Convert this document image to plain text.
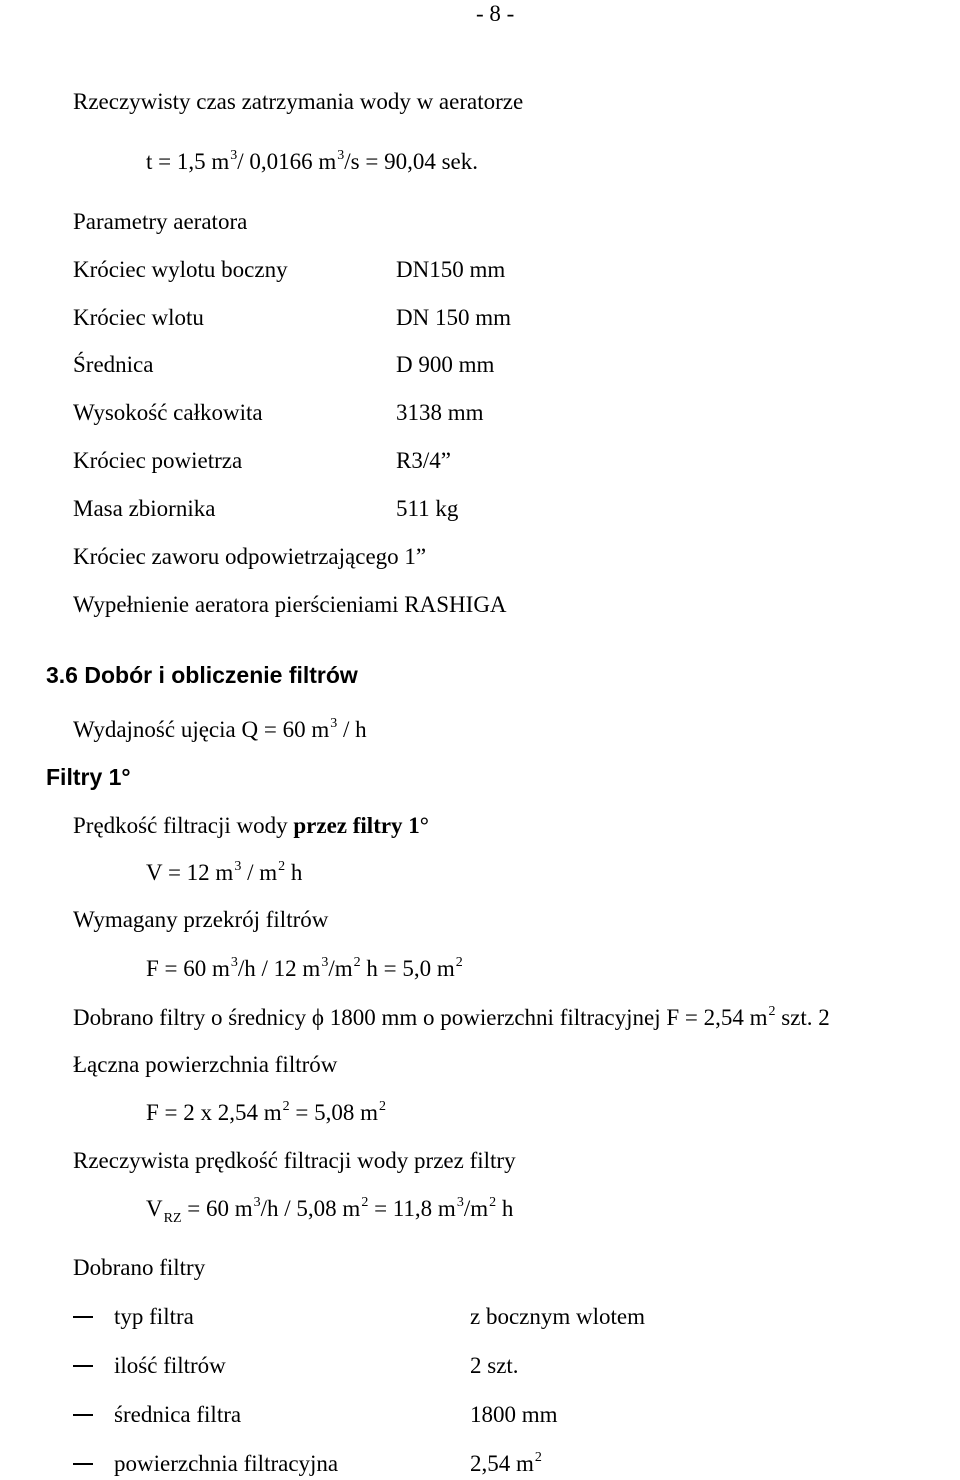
- 8 -
Rzeczywisty czas zatrzymania wody w aeratorze
t = 1,5 $m^3/$ 0,0166 $m^3/s = 90,04$ sek.
Parametry aeratora
Króciec wylotu boczny	DN150 mm
Króciec wlotu	DN 150 mm
Średnica	D 900 mm
Wysokość całkowita	3138 mm
Króciec powietrza	R3/4”
Masa zbiornika	511 kg
Króciec zaworu odpowietrzającego 1”
Wypełnienie aeratora pierścieniami RASHIGA
3.6 Dobór i obliczenie filtrów
Wydajność ujęcia Q = 60 $m^3$ / h
Filtry 1°
Prędkość filtracji wody przez filtry 1°
V = 12 $m^3 / m^2$ h
Wymagany przekrój filtrów
F = 60 $m^3/h / 12$ $m^3/m^2$ h = 5,0 $m^2$
Dobrano filtry o średnicy ϕ 1800 mm o powierzchni filtracyjnej F = 2,54 $m^2$ szt. 2
Łączna powierzchnia filtrów
F = 2 x 2,54 $m^2 = 5,08$ $m^2$
Rzeczywista prędkość filtracji wody przez filtry
$V_{RZ} = 60$ $m^3/h / 5,08$ $m^2 = 11,8$ $m^3/m^2$ h
Dobrano filtry
typ filtra	z bocznym wlotem
ilość filtrów	2 szt.
średnica filtra	1800 mm
powierzchnia filtracyjna	2,54 $m^2$
